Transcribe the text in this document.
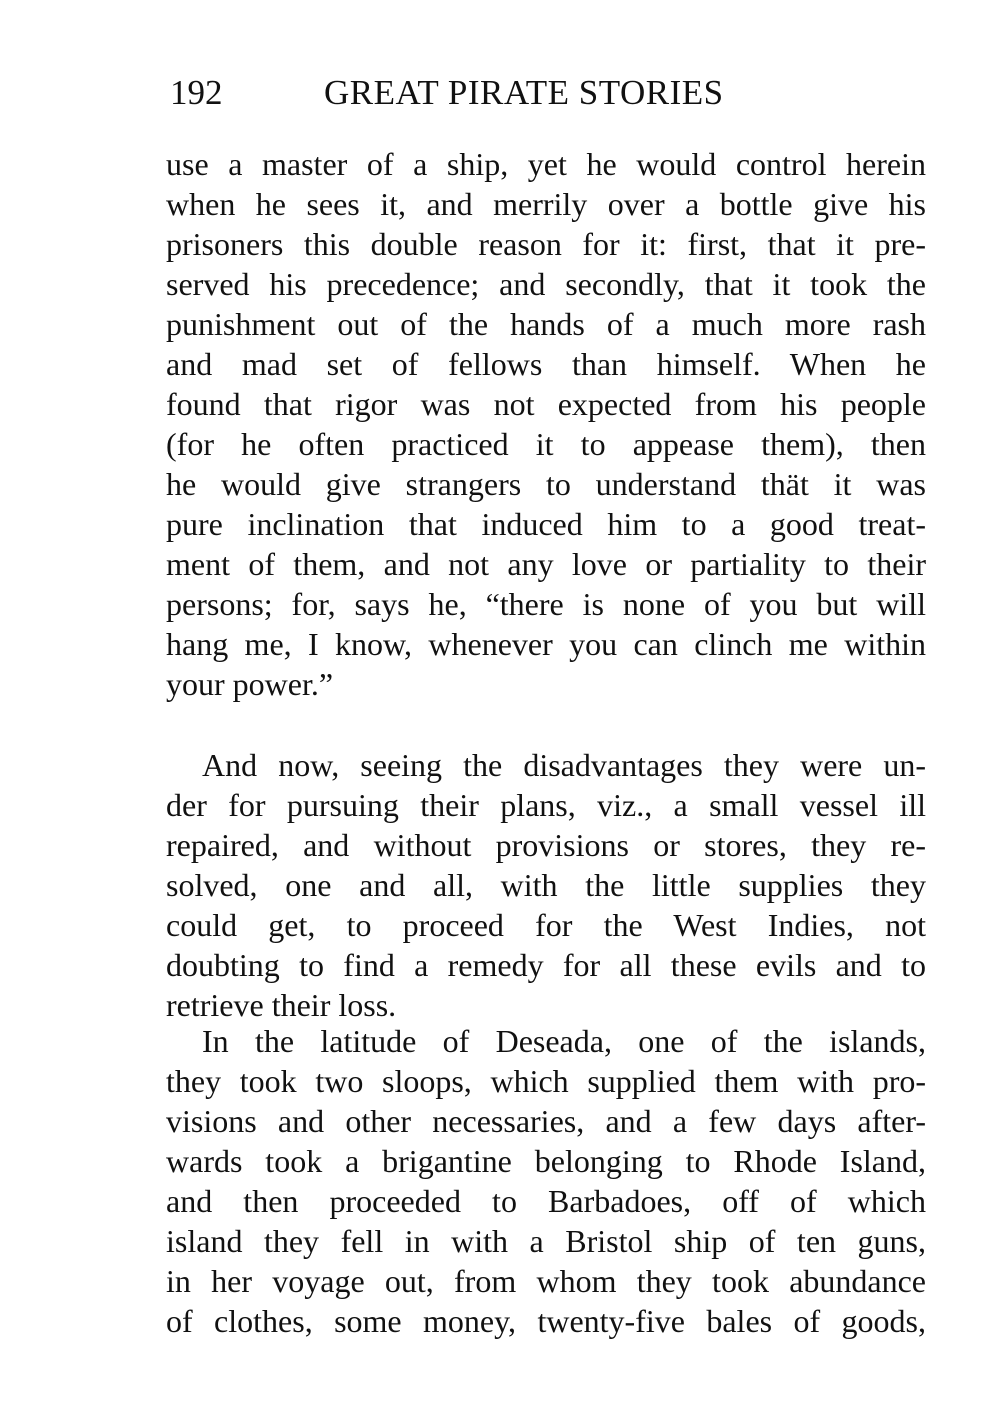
192	GREAT PIRATE STORIES
use a master of a ship, yet he would control herein
when he sees it, and merrily over a bottle give his
prisoners this double reason for it: first, that it pre-
served his precedence; and secondly, that it took the
punishment out of the hands of a much more rash
and mad set of fellows than himself. When he
found that rigor was not expected from his people
(for he often practiced it to appease them), then
he would give strangers to understand thät it was
pure inclination that induced him to a good treat-
ment of them, and not any love or partiality to their
persons; for, says he, “there is none of you but will
hang me, I know, whenever you can clinch me within
your power.”
And now, seeing the disadvantages they were un-
der for pursuing their plans, viz., a small vessel ill
repaired, and without provisions or stores, they re-
solved, one and all, with the little supplies they
could get, to proceed for the West Indies, not
doubting to find a remedy for all these evils and to
retrieve their loss.
In the latitude of Deseada, one of the islands,
they took two sloops, which supplied them with pro-
visions and other necessaries, and a few days after-
wards took a brigantine belonging to Rhode Island,
and then proceeded to Barbadoes, off of which
island they fell in with a Bristol ship of ten guns,
in her voyage out, from whom they took abundance
of clothes, some money, twenty-five bales of goods,
